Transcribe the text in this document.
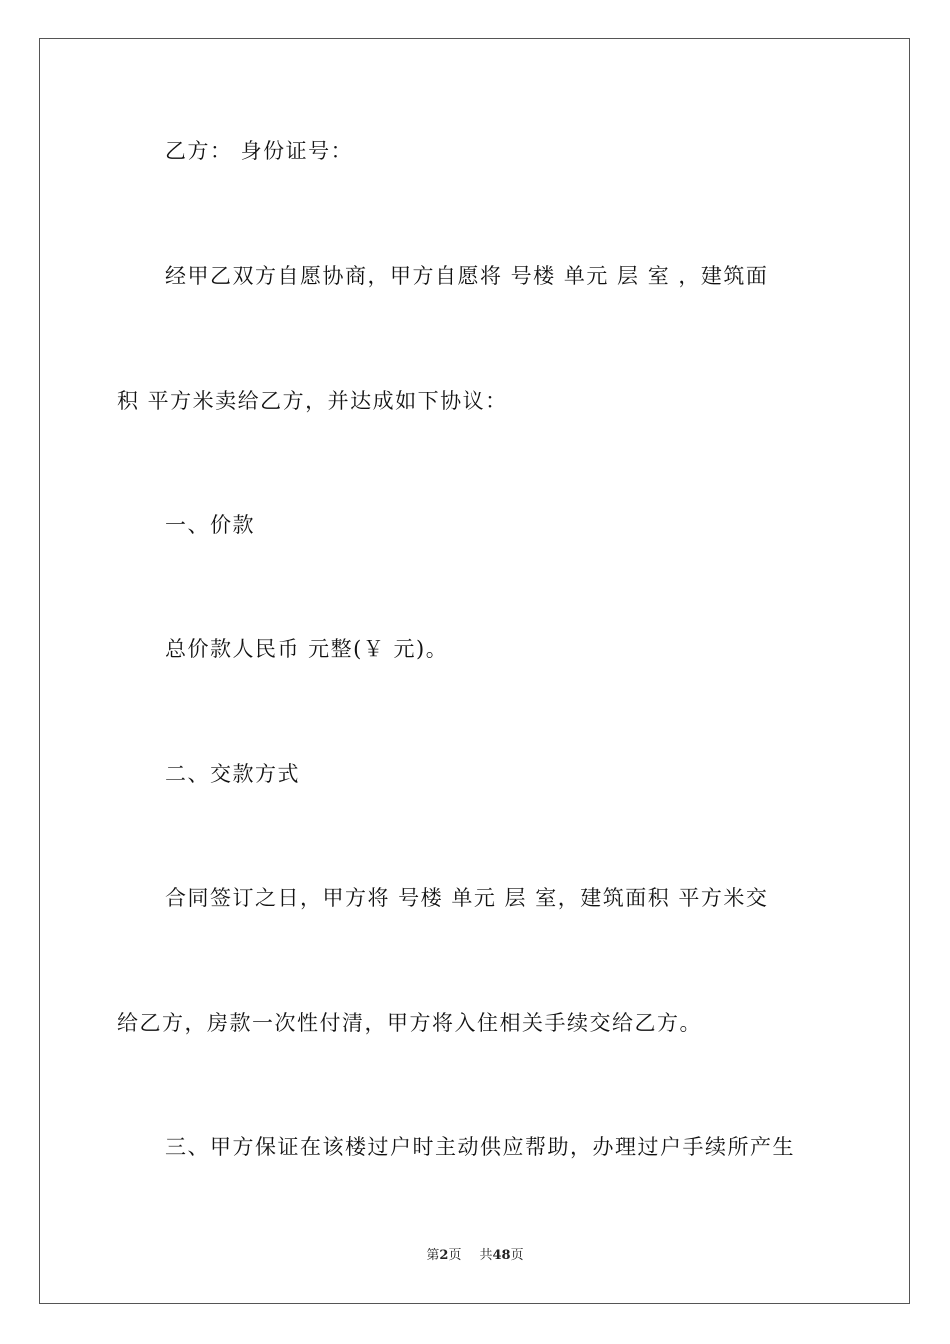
乙方： 身份证号：
经甲乙双方自愿协商，甲方自愿将 号楼 单元 层 室 ，建筑面
积 平方米卖给乙方，并达成如下协议：
一、价款
总价款人民币 元整(￥ 元)。
二、交款方式
合同签订之日，甲方将 号楼 单元 层 室，建筑面积 平方米交
给乙方，房款一次性付清，甲方将入住相关手续交给乙方。
三、甲方保证在该楼过户时主动供应帮助，办理过户手续所产生
第2页 共48页
